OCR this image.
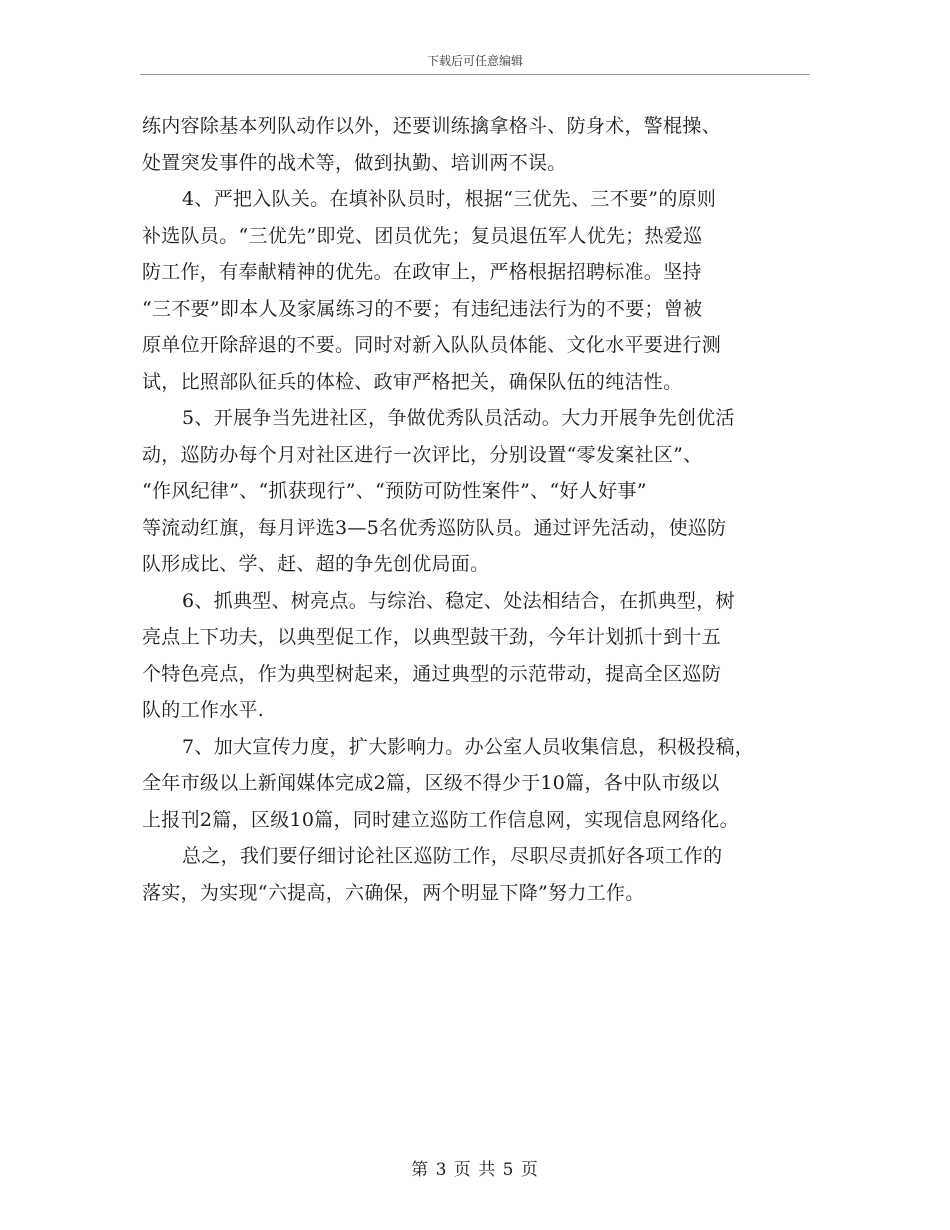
下载后可任意编辑
练内容除基本列队动作以外，还要训练擒拿格斗、防身术，警棍操、
处置突发事件的战术等，做到执勤、培训两不误。
4、严把入队关。在填补队员时，根据“三优先、三不要”的原则
补选队员。“三优先”即党、团员优先；复员退伍军人优先；热爱巡
防工作，有奉献精神的优先。在政审上，严格根据招聘标准。坚持
“三不要”即本人及家属练习的不要；有违纪违法行为的不要；曾被
原单位开除辞退的不要。同时对新入队队员体能、文化水平要进行测
试，比照部队征兵的体检、政审严格把关，确保队伍的纯洁性。
5、开展争当先进社区，争做优秀队员活动。大力开展争先创优活
动，巡防办每个月对社区进行一次评比，分别设置“零发案社区”、
“作风纪律”、“抓获现行”、“预防可防性案件”、“好人好事”
等流动红旗，每月评选3—5名优秀巡防队员。通过评先活动，使巡防
队形成比、学、赶、超的争先创优局面。
6、抓典型、树亮点。与综治、稳定、处法相结合，在抓典型，树
亮点上下功夫，以典型促工作，以典型鼓干劲，今年计划抓十到十五
个特色亮点，作为典型树起来，通过典型的示范带动，提高全区巡防
队的工作水平.
7、加大宣传力度，扩大影响力。办公室人员收集信息，积极投稿，
全年市级以上新闻媒体完成2篇，区级不得少于10篇，各中队市级以
上报刊2篇，区级10篇，同时建立巡防工作信息网，实现信息网络化。
总之，我们要仔细讨论社区巡防工作，尽职尽责抓好各项工作的
落实，为实现“六提高，六确保，两个明显下降”努力工作。
第 3 页 共 5 页
